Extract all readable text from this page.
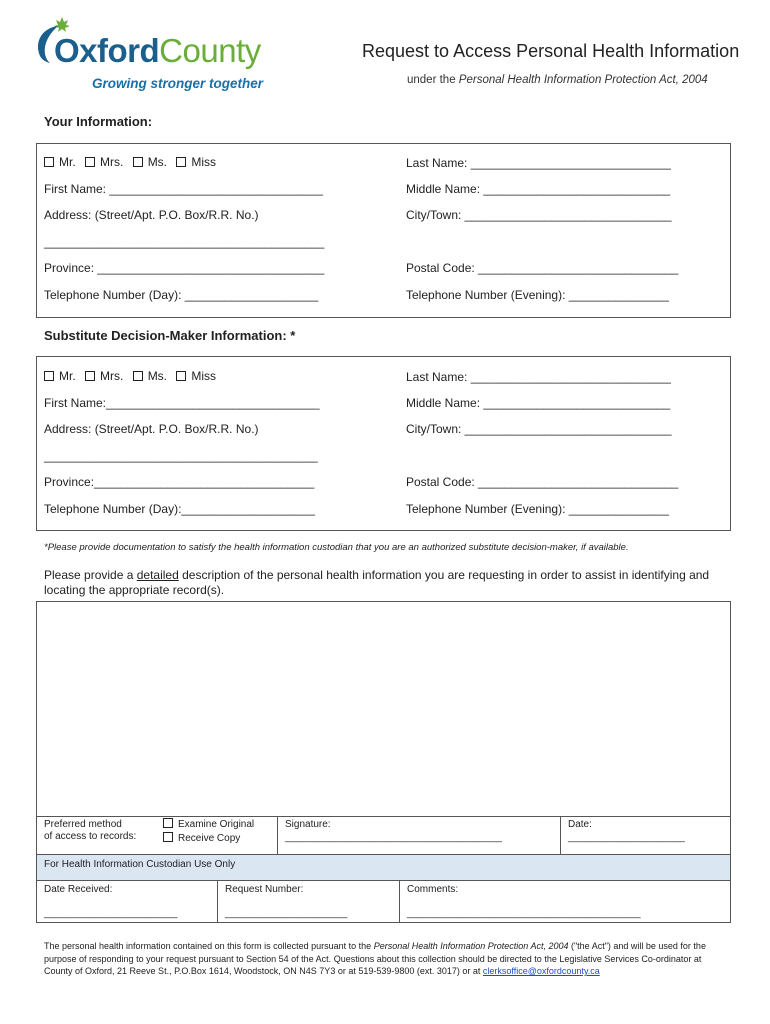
OxfordCounty
Growing stronger together
Request to Access Personal Health Information
under the Personal Health Information Protection Act, 2004
Your Information:
Mr. Mrs. Ms. Miss	Last Name: ______________________________
First Name: ________________________________	Middle Name: ____________________________
Address: (Street/Apt. P.O. Box/R.R. No.)	City/Town: _______________________________
__________________________________________
Province: __________________________________	Postal Code: ______________________________
Telephone Number (Day): ____________________	Telephone Number (Evening): _______________
Substitute Decision-Maker Information: *
Mr. Mrs. Ms. Miss	Last Name: ______________________________
First Name:________________________________	Middle Name: ____________________________
Address: (Street/Apt. P.O. Box/R.R. No.)	City/Town: _______________________________
_________________________________________
Province:_________________________________	Postal Code: ______________________________
Telephone Number (Day):____________________	Telephone Number (Evening): _______________
*Please provide documentation to satisfy the health information custodian that you are an authorized substitute decision-maker, if available.
Please provide a detailed description of the personal health information you are requesting in order to assist in identifying and locating the appropriate record(s).
Preferred method
of access to records:
Examine Original
Receive Copy
Signature:
_______________________________________
Date:
_____________________
For Health Information Custodian Use Only
Date Received:
________________________
Request Number:
______________________
Comments:
__________________________________________
The personal health information contained on this form is collected pursuant to the Personal Health Information Protection Act, 2004 ("the Act") and will be used for the purpose of responding to your request pursuant to Section 54 of the Act. Questions about this collection should be directed to the Legislative Services Co-ordinator at County of Oxford, 21 Reeve St., P.O.Box 1614, Woodstock, ON N4S 7Y3 or at 519-539-9800 (ext. 3017) or at clerksoffice@oxfordcounty.ca
